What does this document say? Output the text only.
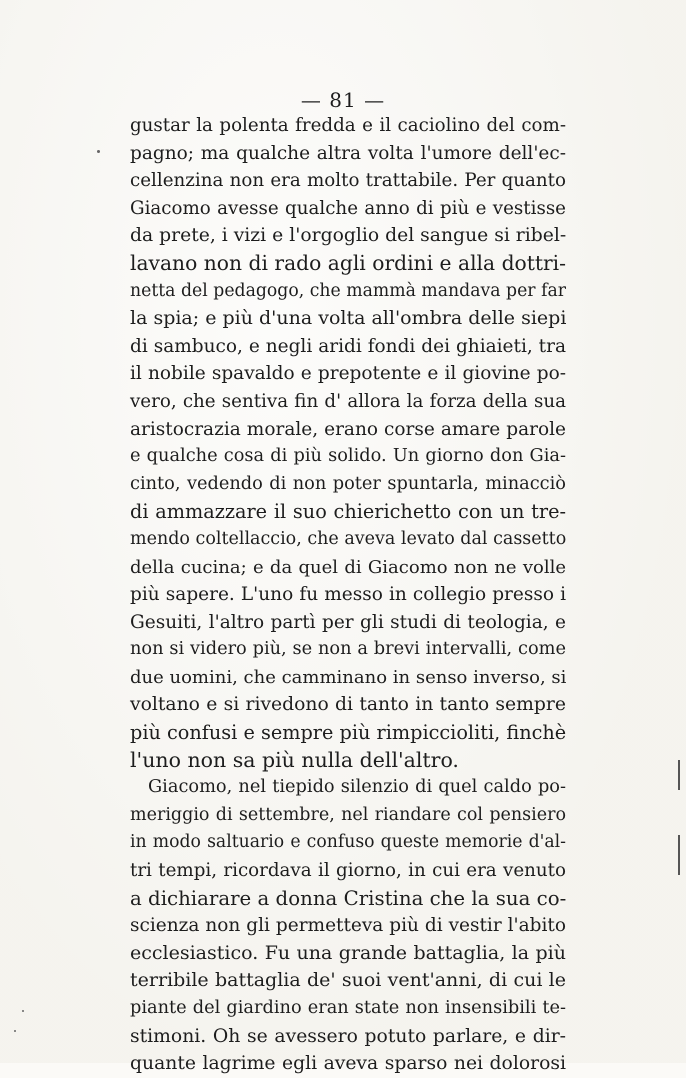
— 81 —
gustar la polenta fredda e il caciolino del com-
pagno; ma qualche altra volta l'umore dell'ec-
cellenzina non era molto trattabile. Per quanto
Giacomo avesse qualche anno di più e vestisse
da prete, i vizi e l'orgoglio del sangue si ribel-
lavano non di rado agli ordini e alla dottri-
netta del pedagogo, che mammà mandava per far
la spia; e più d'una volta all'ombra delle siepi
di sambuco, e negli aridi fondi dei ghiaieti, tra
il nobile spavaldo e prepotente e il giovine po-
vero, che sentiva fin d' allora la forza della sua
aristocrazia morale, erano corse amare parole
e qualche cosa di più solido. Un giorno don Gia-
cinto, vedendo di non poter spuntarla, minacciò
di ammazzare il suo chierichetto con un tre-
mendo coltellaccio, che aveva levato dal cassetto
della cucina; e da quel di Giacomo non ne volle
più sapere. L'uno fu messo in collegio presso i
Gesuiti, l'altro partì per gli studi di teologia, e
non si videro più, se non a brevi intervalli, come
due uomini, che camminano in senso inverso, si
voltano e si rivedono di tanto in tanto sempre
più confusi e sempre più rimpiccioliti, finchè
l'uno non sa più nulla dell'altro.
Giacomo, nel tiepido silenzio di quel caldo po-
meriggio di settembre, nel riandare col pensiero
in modo saltuario e confuso queste memorie d'al-
tri tempi, ricordava il giorno, in cui era venuto
a dichiarare a donna Cristina che la sua co-
scienza non gli permetteva più di vestir l'abito
ecclesiastico. Fu una grande battaglia, la più
terribile battaglia de' suoi vent'anni, di cui le
piante del giardino eran state non insensibili te-
stimoni. Oh se avessero potuto parlare, e dir-
quante lagrime egli aveva sparso nei dolorosi
